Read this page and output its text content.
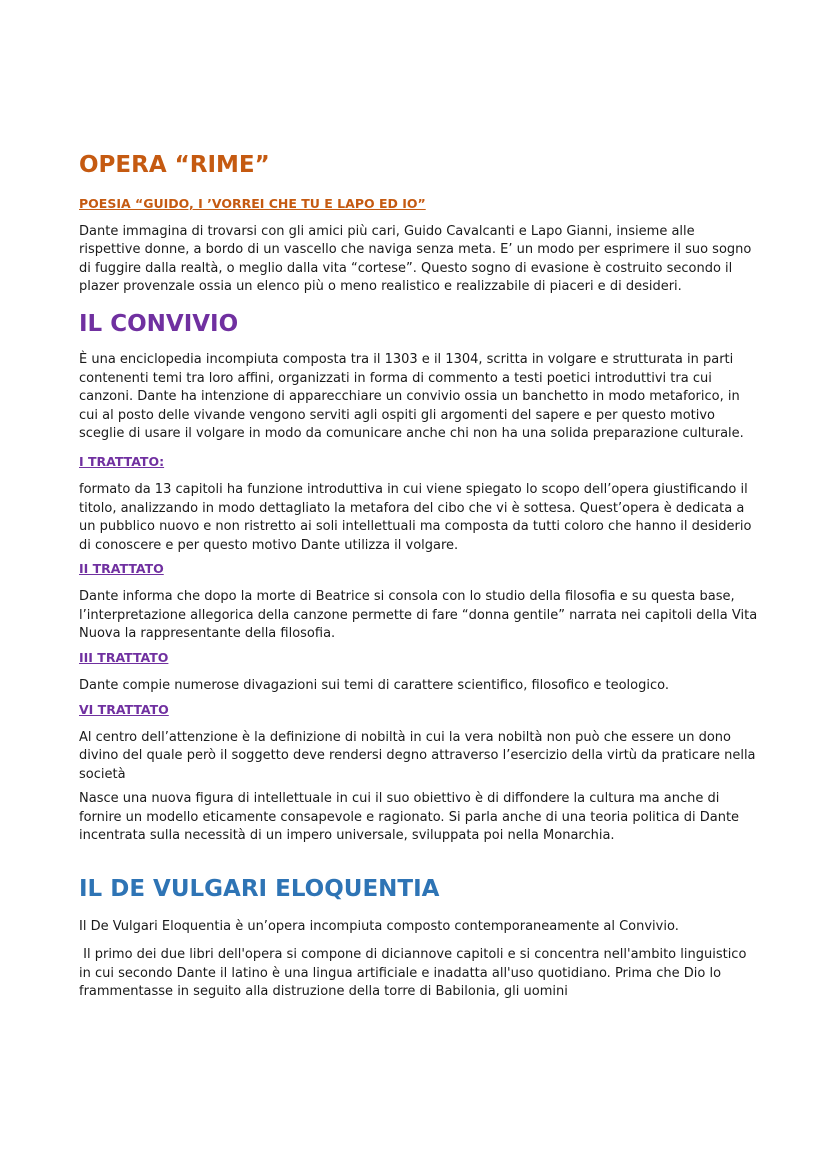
OPERA “RIME”
POESIA “GUIDO, I ’VORREI CHE TU E LAPO ED IO”

Dante immagina di trovarsi con gli amici più cari, Guido Cavalcanti e Lapo Gianni, insieme alle rispettive donne, a bordo di un vascello che naviga senza meta. E’ un modo per esprimere il suo sogno di fuggire dalla realtà, o meglio dalla vita “cortese”. Questo sogno di evasione è costruito secondo il plazer provenzale ossia un elenco più o meno realistico e realizzabile di piaceri e di desideri.

IL CONVIVIO

È una enciclopedia incompiuta composta tra il 1303 e il 1304, scritta in volgare e strutturata in parti contenenti temi tra loro affini, organizzati in forma di commento a testi poetici introduttivi tra cui canzoni. Dante ha intenzione di apparecchiare un convivio ossia un banchetto in modo metaforico, in cui al posto delle vivande vengono serviti agli ospiti gli argomenti del sapere e per questo motivo sceglie di usare il volgare in modo da comunicare anche chi non ha una solida preparazione culturale.

I TRATTATO:

formato da 13 capitoli ha funzione introduttiva in cui viene spiegato lo scopo dell’opera giustificando il titolo, analizzando in modo dettagliato la metafora del cibo che vi è sottesa. Quest’opera è dedicata a un pubblico nuovo e non ristretto ai soli intellettuali ma composta da tutti coloro che hanno il desiderio di conoscere e per questo motivo Dante utilizza il volgare.

II TRATTATO

Dante informa che dopo la morte di Beatrice si consola con lo studio della filosofia e su questa base, l’interpretazione allegorica della canzone permette di fare “donna gentile” narrata nei capitoli della Vita Nuova la rappresentante della filosofia.

III TRATTATO

Dante compie numerose divagazioni sui temi di carattere scientifico, filosofico e teologico.

VI TRATTATO

Al centro dell’attenzione è la definizione di nobiltà in cui la vera nobiltà non può che essere un dono divino del quale però il soggetto deve rendersi degno attraverso l’esercizio della virtù da praticare nella società

Nasce una nuova figura di intellettuale in cui il suo obiettivo è di diffondere la cultura ma anche di fornire un modello eticamente consapevole e ragionato. Si parla anche di una teoria politica di Dante incentrata sulla necessità di un impero universale, sviluppata poi nella Monarchia.

IL DE VULGARI ELOQUENTIA

Il De Vulgari Eloquentia è un’opera incompiuta composto contemporaneamente al Convivio.

Il primo dei due libri dell'opera si compone di diciannove capitoli e si concentra nell'ambito linguistico in cui secondo Dante il latino è una lingua artificiale e inadatta all'uso quotidiano. Prima che Dio lo frammentasse in seguito alla distruzione della torre di Babilonia, gli uomini
